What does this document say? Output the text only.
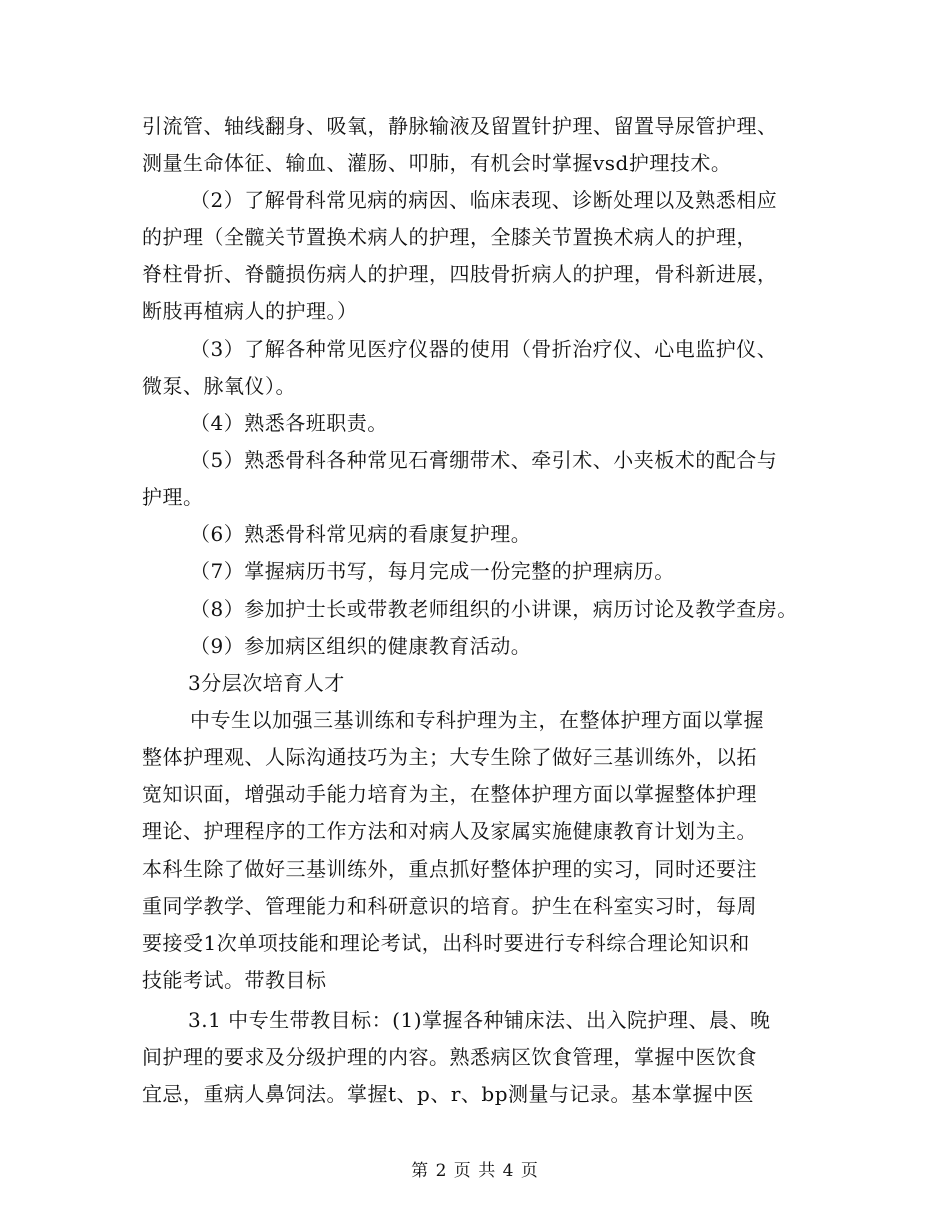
引流管、轴线翻身、吸氧，静脉输液及留置针护理、留置导尿管护理、
测量生命体征、输血、灌肠、叩肺，有机会时掌握vsd护理技术。
（2）了解骨科常见病的病因、临床表现、诊断处理以及熟悉相应
的护理（全髋关节置换术病人的护理，全膝关节置换术病人的护理，
脊柱骨折、脊髓损伤病人的护理，四肢骨折病人的护理，骨科新进展，
断肢再植病人的护理。）
（3）了解各种常见医疗仪器的使用（骨折治疗仪、心电监护仪、
微泵、脉氧仪）。
（4）熟悉各班职责。
（5）熟悉骨科各种常见石膏绷带术、牵引术、小夹板术的配合与
护理。
（6）熟悉骨科常见病的看康复护理。
（7）掌握病历书写，每月完成一份完整的护理病历。
（8）参加护士长或带教老师组织的小讲课，病历讨论及教学查房。
（9）参加病区组织的健康教育活动。
3分层次培育人才
中专生以加强三基训练和专科护理为主，在整体护理方面以掌握
整体护理观、人际沟通技巧为主；大专生除了做好三基训练外，以拓
宽知识面，增强动手能力培育为主，在整体护理方面以掌握整体护理
理论、护理程序的工作方法和对病人及家属实施健康教育计划为主。
本科生除了做好三基训练外，重点抓好整体护理的实习，同时还要注
重同学教学、管理能力和科研意识的培育。护生在科室实习时，每周
要接受1次单项技能和理论考试，出科时要进行专科综合理论知识和
技能考试。带教目标
3.1 中专生带教目标：(1)掌握各种铺床法、出入院护理、晨、晚
间护理的要求及分级护理的内容。熟悉病区饮食管理，掌握中医饮食
宜忌，重病人鼻饲法。掌握t、p、r、bp测量与记录。基本掌握中医
第 2 页 共 4 页
